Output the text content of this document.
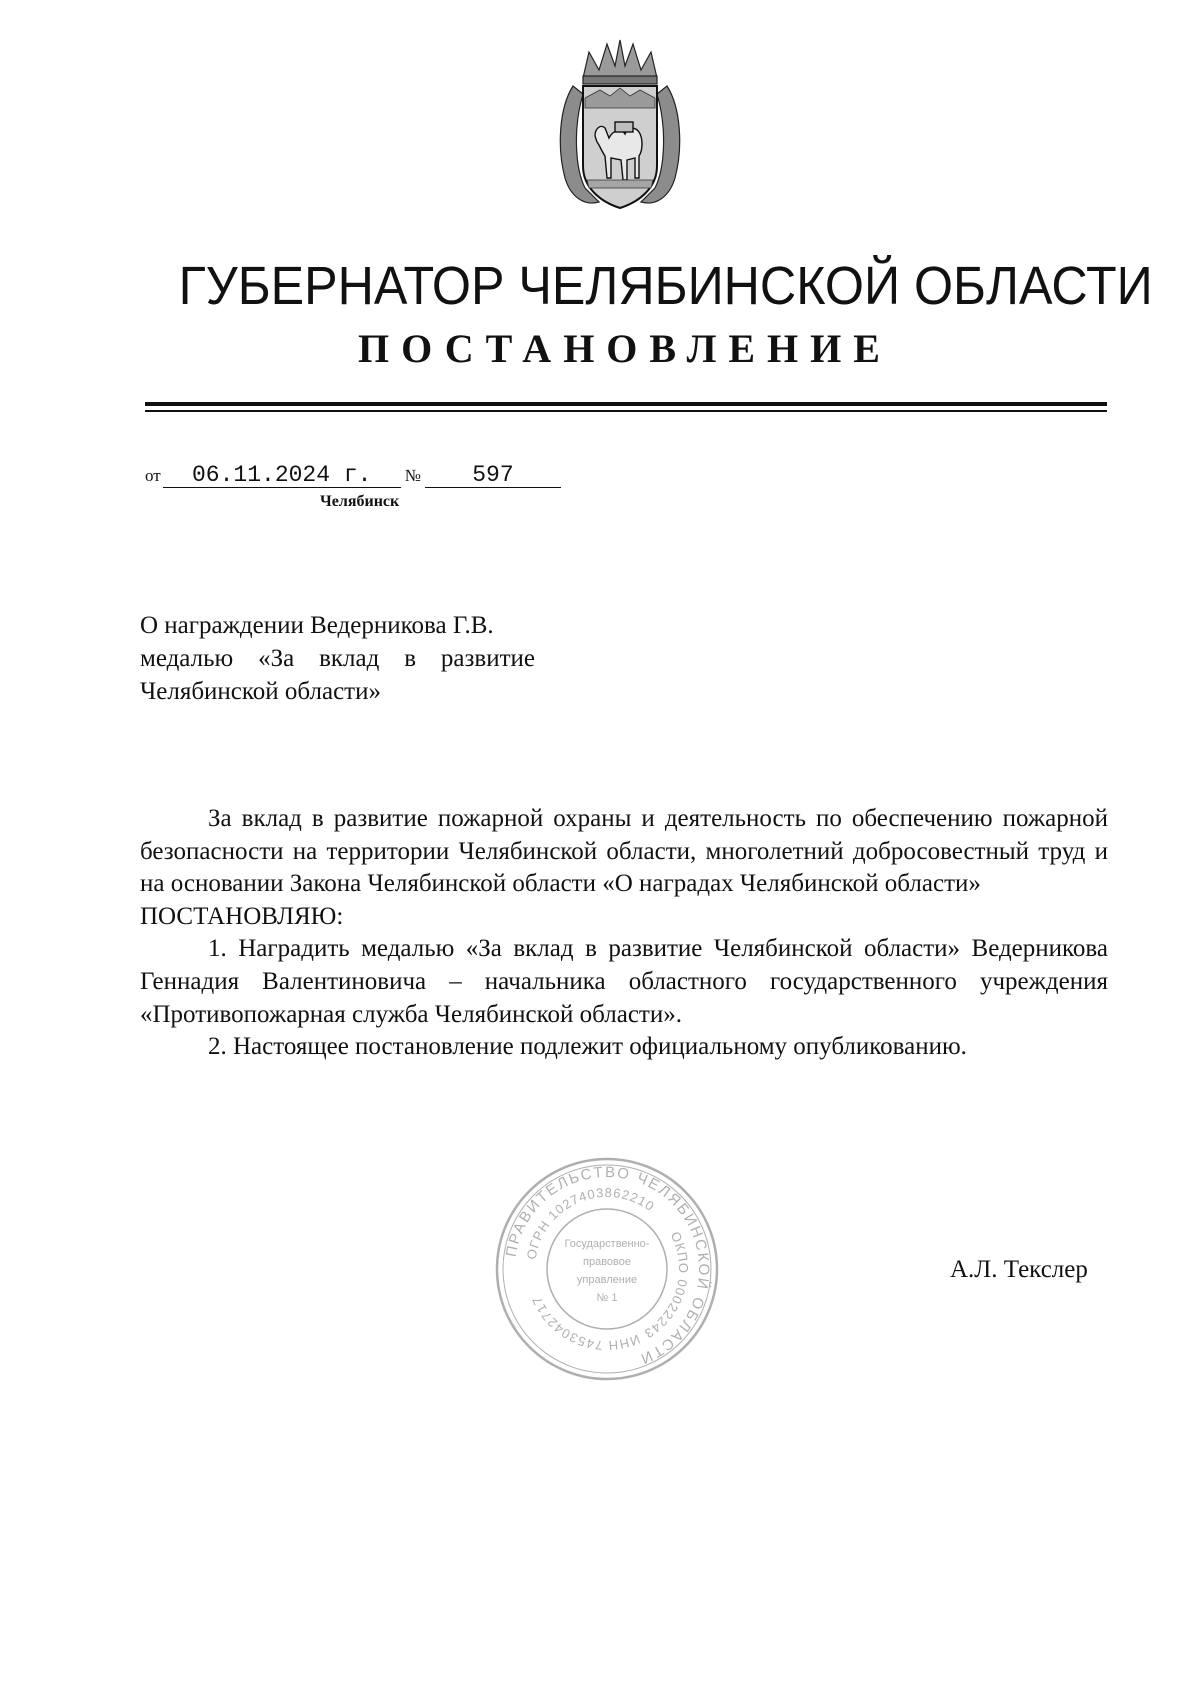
ГУБЕРНАТОР ЧЕЛЯБИНСКОЙ ОБЛАСТИ
ПОСТАНОВЛЕНИЕ
от 06.11.2024 г. № 597
Челябинск

О награждении Ведерникова Г.В.

медалью «За вклад в развитие

Челябинской области»

За вклад в развитие пожарной охраны и деятельность по обеспечению пожарной безопасности на территории Челябинской области, многолетний добросовестный труд и на основании Закона Челябинской области «О наградах Челябинской области»

ПОСТАНОВЛЯЮ:

1. Наградить медалью «За вклад в развитие Челябинской области» Ведерникова Геннадия Валентиновича – начальника областного государственного учреждения «Противопожарная служба Челябинской области».

2. Настоящее постановление подлежит официальному опубликованию.

ПРАВИТЕЛЬСТВО ЧЕЛЯБИНСКОЙ ОБЛАСТИ
ОГРН 1027403862210
ОКПО 00022243
ИНН 7453042717
Государственно-
правовое
управление
№ 1
А.Л. Текслер
